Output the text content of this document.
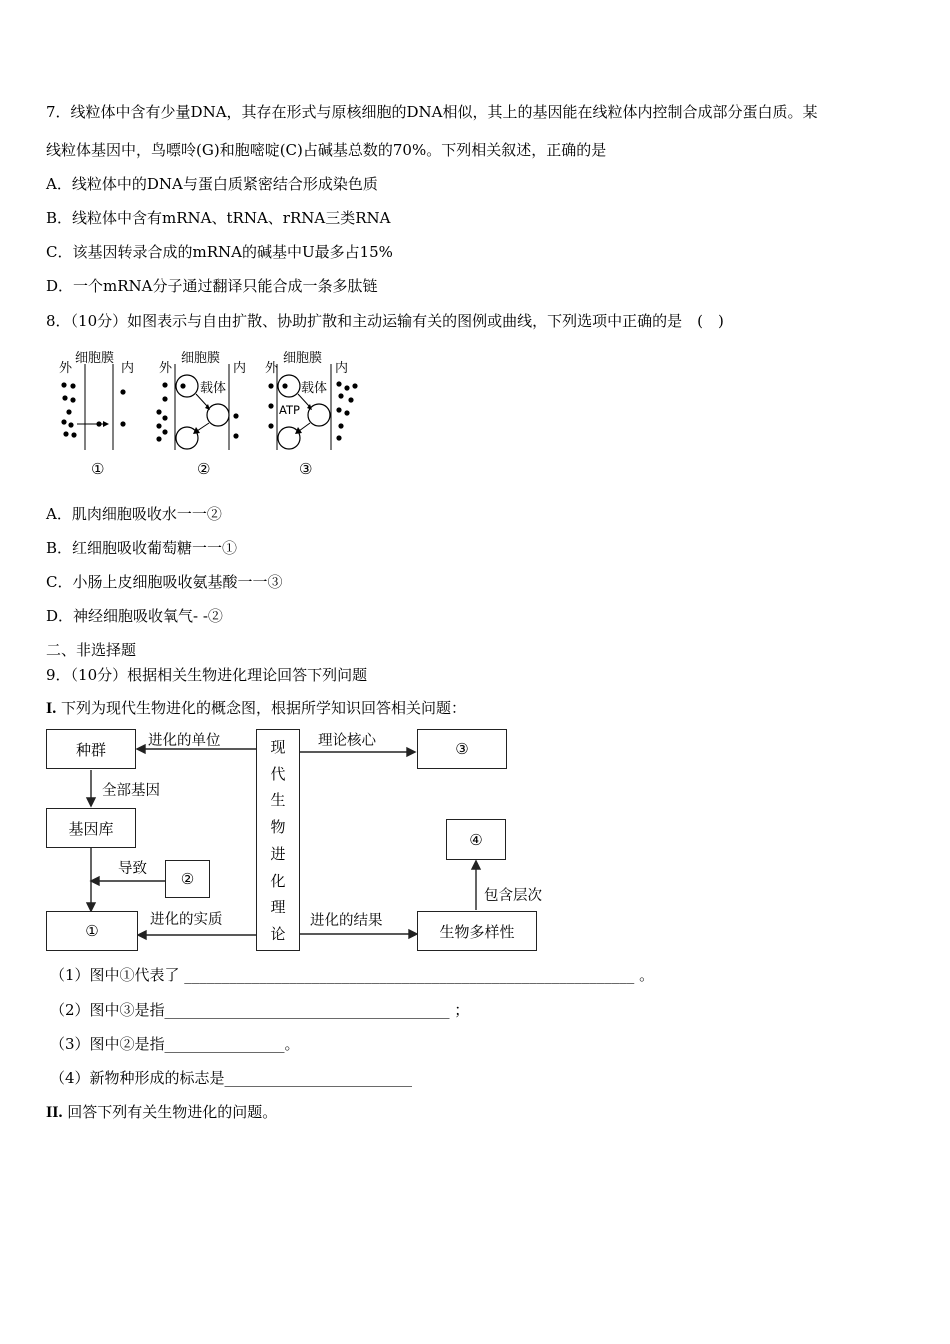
7．线粒体中含有少量DNA，其存在形式与原核细胞的DNA相似，其上的基因能在线粒体内控制合成部分蛋白质。某
线粒体基因中，鸟嘌呤(G)和胞嘧啶(C)占碱基总数的70%。下列相关叙述，正确的是
A．线粒体中的DNA与蛋白质紧密结合形成染色质
B．线粒体中含有mRNA、tRNA、rRNA三类RNA
C．该基因转录合成的mRNA的碱基中U最多占15%
D．一个mRNA分子通过翻译只能合成一条多肽链
8．（10分）如图表示与自由扩散、协助扩散和主动运输有关的图例或曲线，下列选项中正确的是　(　)
外
细胞膜
内
①
外
细胞膜
内
载体
②
外
细胞膜
内
载体
ATP
③
A．肌肉细胞吸收水一一②
B．红细胞吸收葡萄糖一一①
C．小肠上皮细胞吸收氨基酸一一③
D．神经细胞吸收氧气- -②
二、非选择题
9．（10分）根据相关生物进化理论回答下列问题
I. 下列为现代生物进化的概念图，根据所学知识回答相关问题：
种群
基因库
②
①
现
代
生
物
进
化
理
论
③
④
生物多样性
进化的单位
全部基因
导致
进化的实质
理论核心
进化的结果
包含层次
（1）图中①代表了 ____________________________________________________________ 。
（2）图中③是指______________________________________ ；
（3）图中②是指________________。
（4）新物种形成的标志是_________________________
II. 回答下列有关生物进化的问题。
